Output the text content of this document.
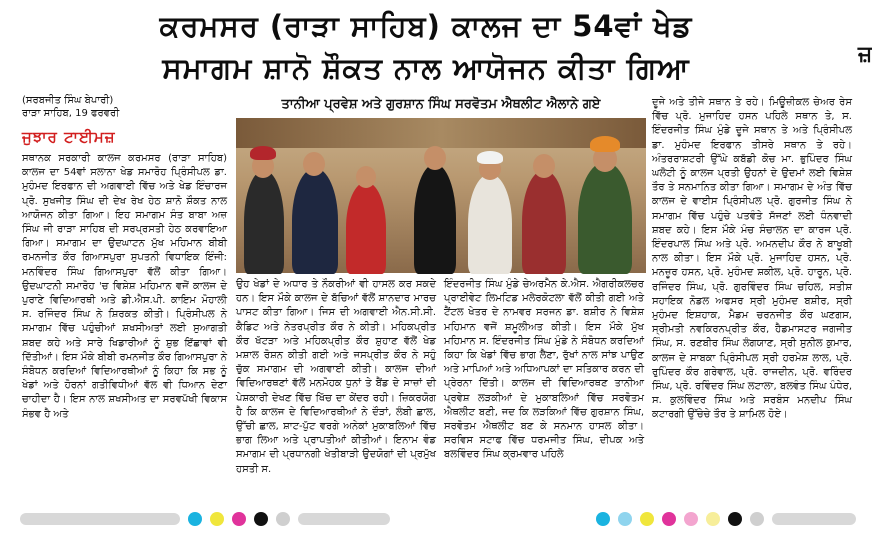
ਕਰਮਸਰ (ਰਾੜਾ ਸਾਹਿਬ) ਕਾਲਜ ਦਾ 54ਵਾਂ ਖੇਡ
ਸਮਾਗਮ ਸ਼ਾਨੋ ਸ਼ੌਕਤ ਨਾਲ ਆਯੋਜਨ ਕੀਤਾ ਗਿਆ	ਜ਼
(ਸਰਬਜੀਤ ਸਿੰਘ ਬੇਪਾਰੀ)
ਰਾੜਾ ਸਾਹਿਬ, 19 ਫਰਵਰੀ
ਜੁਝਾਰ ਟਾਈਮਜ਼
ਤਾਨੀਆ ਪ੍ਰਵੇਸ਼ ਅਤੇ ਗੁਰਸ਼ਾਨ ਸਿੰਘ ਸਰਵੋਤਮ ਐਥਲੀਟ ਐਲਾਨੇ ਗਏ
ਸਥਾਨਕ ਸਰਕਾਰੀ ਕਾਲਜ ਕਰਮਸਰ (ਰਾੜਾ ਸਾਹਿਬ) ਕਾਲਜ ਦਾ 54ਵਾਂ ਸਲਾਨਾ ਖੇਡ ਸਮਾਰੋਹ ਪ੍ਰਿੰਸੀਪਲ ਡਾ. ਮੁਹੰਮਦ ਇਰਫਾਨ ਦੀ ਅਗਵਾਈ ਵਿੱਚ ਅਤੇ ਖੇਡ ਇੰਚਾਰਜ ਪ੍ਰੋ. ਸੁਖਜੀਤ ਸਿੰਘ ਦੀ ਦੇਖ ਰੇਖ ਹੇਠ ਸ਼ਾਨੋ ਸ਼ੌਕਤ ਨਾਲ ਆਯੋਜਨ ਕੀਤਾ ਗਿਆ। ਇਹ ਸਮਾਗਮ ਸੰਤ ਬਾਬਾ ਅਜ਼ ਸਿੰਘ ਜੀ ਰਾੜਾ ਸਾਹਿਬ ਦੀ ਸਰਪ੍ਰਸਤੀ ਹੇਠ ਕਰਵਾਇਆ ਗਿਆ। ਸਮਾਗਮ ਦਾ ਉਦਘਾਟਨ ਮੁੱਖ ਮਹਿਮਾਨ ਬੀਬੀ ਰਮਨਜੀਤ ਕੌਰ ਗਿਆਸਪੁਰਾ ਸੁਪਤਨੀ ਵਿਧਾਇਕ ਇੰਜੀ: ਮਨਵਿੰਦਰ ਸਿੰਘ ਗਿਆਸਪੁਰਾ ਵੱਲੋਂ ਕੀਤਾ ਗਿਆ। ਉਦਘਾਟਨੀ ਸਮਾਰੋਹ 'ਚ ਵਿਸ਼ੇਸ਼ ਮਹਿਮਾਨ ਵਜੋਂ ਕਾਲਜ ਦੇ ਪੁਰਾਣੇ ਵਿਦਿਆਰਥੀ ਅਤੇ ਡੀ.ਐਸ.ਪੀ. ਕਾਇਮ ਮੋਹਾਲੀ ਸ. ਰਜਿੰਦਰ ਸਿੰਘ ਨੇ ਸ਼ਿਰਕਤ ਕੀਤੀ। ਪ੍ਰਿੰਸੀਪਲ ਨੇ ਸਮਾਗਮ ਵਿੱਚ ਪਹੁੰਚੀਆਂ ਸ਼ਖਸੀਅਤਾਂ ਲਈ ਸੁਆਗਤੀ ਸ਼ਬਦ ਕਹੇ ਅਤੇ ਸਾਰੇ ਖਿਡਾਰੀਆਂ ਨੂੰ ਸ਼ੁਭ ਇੱਛਾਵਾਂ ਵੀ ਦਿੱਤੀਆਂ। ਇਸ ਮੌਕੇ ਬੀਬੀ ਰਮਨਜੀਤ ਕੌਰ ਗਿਆਸਪੁਰਾ ਨੇ ਸੰਬੋਧਨ ਕਰਦਿਆਂ ਵਿਦਿਆਰਥੀਆਂ ਨੂੰ ਕਿਹਾ ਕਿ ਸਭ ਨੂੰ ਖੇਡਾਂ ਅਤੇ ਹੋਰਨਾਂ ਗਤੀਵਿਧੀਆਂ ਵੱਲ ਵੀ ਧਿਆਨ ਦੇਣਾ ਚਾਹੀਦਾ ਹੈ। ਇਸ ਨਾਲ ਸ਼ਖਸੀਅਤ ਦਾ ਸਰਵਪੱਖੀ ਵਿਕਾਸ ਸੰਭਵ ਹੈ ਅਤੇ
ਉਹ ਖੇਡਾਂ ਦੇ ਅਧਾਰ ਤੇ ਨੌਕਰੀਆਂ ਵੀ ਹਾਸਲ ਕਰ ਸਕਦੇ ਹਨ। ਇਸ ਮੌਕੇ ਕਾਲਜ ਦੇ ਬੱਚਿਆਂ ਵੱਲੋਂ ਸ਼ਾਨਦਾਰ ਮਾਰਚ ਪਾਸਟ ਕੀਤਾ ਗਿਆ। ਜਿਸ ਦੀ ਅਗਵਾਈ ਐਨ.ਸੀ.ਸੀ. ਕੈਡਿਟ ਅਤੇ ਨੇਤਰਪ੍ਰੀਤ ਕੌਰ ਨੇ ਕੀਤੀ। ਮਹਿਕਪ੍ਰੀਤ ਕੌਰ ਖੱਟੜਾ ਅਤੇ ਮਹਿਕਪ੍ਰੀਤ ਕੌਰ ਸ਼ੁਹਾਣ ਵੱਲੋਂ ਖੇਡ ਮਸ਼ਾਲ ਰੋਸ਼ਨ ਕੀਤੀ ਗਈ ਅਤੇ ਜਸਪ੍ਰੀਤ ਕੌਰ ਨੇ ਸਹੁੰ ਚੁੱਕ ਸਮਾਗਮ ਦੀ ਅਗਵਾਈ ਕੀਤੀ। ਕਾਲਜ ਦੀਆਂ ਵਿਦਿਆਰਥਣਾਂ ਵੱਲੋਂ ਮਨਮੋਹਕ ਧੁਨਾਂ ਤੇ ਬੈਂਡ ਦੇ ਸਾਜ਼ਾਂ ਦੀ ਪੇਸ਼ਕਾਰੀ ਦੇਖਣ ਵਿੱਚ ਖਿੱਚ ਦਾ ਕੇਂਦਰ ਰਹੀ। ਜ਼ਿਕਰਯੋਗ ਹੈ ਕਿ ਕਾਲਜ ਦੇ ਵਿਦਿਆਰਥੀਆਂ ਨੇ ਦੌੜਾਂ, ਲੰਬੀ ਛਾਲ, ਉੱਚੀ ਛਾਲ, ਸ਼ਾਟ-ਪੁੱਟ ਵਰਗੇ ਅਨੇਕਾਂ ਮੁਕਾਬਲਿਆਂ ਵਿੱਚ ਭਾਗ ਲਿਆ ਅਤੇ ਪ੍ਰਾਪਤੀਆਂ ਕੀਤੀਆਂ। ਇਨਾਮ ਵੰਡ ਸਮਾਗਮ ਦੀ ਪ੍ਰਧਾਨਗੀ ਖੇਤੀਬਾੜੀ ਉਦਯੋਗਾਂ ਦੀ ਪ੍ਰਮੁੱਖ ਹਸਤੀ ਸ.
ਇੰਦਰਜੀਤ ਸਿੰਘ ਮੁੰਡੇ ਚੇਅਰਮੈਨ ਕੇ.ਐਸ. ਐਗਰੀਕਲਚਰ ਪ੍ਰਾਈਵੇਟ ਲਿਮਟਿਡ ਮਲੇਰਕੋਟਲਾ ਵੱਲੋਂ ਕੀਤੀ ਗਈ ਅਤੇ ਟੈਂਟਲ ਖੇਤਰ ਦੇ ਨਾਮਵਰ ਸਰਜਨ ਡਾ. ਬਸ਼ੀਰ ਨੇ ਵਿਸ਼ੇਸ਼ ਮਹਿਮਾਨ ਵਜੋਂ ਸ਼ਮੂਲੀਅਤ ਕੀਤੀ। ਇਸ ਮੌਕੇ ਮੁੱਖ ਮਹਿਮਾਨ ਸ. ਇੰਦਰਜੀਤ ਸਿੰਘ ਮੁੰਡੇ ਨੇ ਸੰਬੋਧਨ ਕਰਦਿਆਂ ਕਿਹਾ ਕਿ ਖੇਡਾਂ ਵਿੱਚ ਭਾਗ ਲੈਣਾ, ਰੁੱਖਾਂ ਨਾਲ ਸਾਂਝ ਪਾਉਣ ਅਤੇ ਮਾਪਿਆਂ ਅਤੇ ਅਧਿਆਪਕਾਂ ਦਾ ਸਤਿਕਾਰ ਕਰਨ ਦੀ ਪ੍ਰੇਰਨਾ ਦਿੱਤੀ। ਕਾਲਜ ਦੀ ਵਿਦਿਆਰਥਣ ਤਾਨੀਆ ਪ੍ਰਵੇਸ਼ ਲੜਕੀਆਂ ਦੇ ਮੁਕਾਬਲਿਆਂ ਵਿੱਚ ਸਰਵੋਤਮ ਐਥਲੀਟ ਬਣੀ, ਜਦ ਕਿ ਲੜਕਿਆਂ ਵਿੱਚ ਗੁਰਸ਼ਾਨ ਸਿੰਘ, ਸਰਵੋਤਮ ਐਥਲੀਟ ਬਣ ਕੇ ਸਨਮਾਨ ਹਾਸਲ ਕੀਤਾ। ਸਰਵਿਸ ਸਟਾਫ ਵਿੱਚ ਧਰਮਜੀਤ ਸਿੰਘ, ਦੀਪਕ ਅਤੇ ਬਲਵਿੰਦਰ ਸਿੰਘ ਕ੍ਰਮਵਾਰ ਪਹਿਲੇ
ਦੂਜੇ ਅਤੇ ਤੀਜੇ ਸਥਾਨ ਤੇ ਰਹੇ। ਮਿਊਜ਼ੀਕਲ ਚੇਅਰ ਰੇਸ ਵਿੱਚ ਪ੍ਰੋ. ਮੁਜਾਹਿਦ ਹਸਨ ਪਹਿਲੇ ਸਥਾਨ ਤੇ, ਸ. ਇੰਦਰਜੀਤ ਸਿੰਘ ਮੁੰਡੇ ਦੂਜੇ ਸਥਾਨ ਤੇ ਅਤੇ ਪ੍ਰਿੰਸੀਪਲ ਡਾ. ਮੁਹੰਮਦ ਇਰਫਾਨ ਤੀਸਰੇ ਸਥਾਨ ਤੇ ਰਹੇ। ਅੰਤਰਰਾਸ਼ਟਰੀ ਉੱਘੇ ਕਬੱਡੀ ਕੋਚ ਮਾ. ਭੁਪਿੰਦਰ ਸਿੰਘ ਘਲੋਟੀ ਨੂੰ ਕਾਲਜ ਪ੍ਰਤੀ ਉਹਨਾਂ ਦੇ ਉਦਮਾਂ ਲਈ ਵਿਸ਼ੇਸ਼ ਤੌਰ ਤੇ ਸਨਮਾਨਿਤ ਕੀਤਾ ਗਿਆ। ਸਮਾਗਮ ਦੇ ਅੰਤ ਵਿੱਚ ਕਾਲਜ ਦੇ ਵਾਈਸ ਪ੍ਰਿੰਸੀਪਲ ਪ੍ਰੋ. ਗੁਰਜੀਤ ਸਿੰਘ ਨੇ ਸਮਾਗਮ ਵਿੱਚ ਪਹੁੰਚੇ ਪਤਵੰਤੇ ਸੱਜਣਾਂ ਲਈ ਧੰਨਵਾਦੀ ਸ਼ਬਦ ਕਹੇ। ਇਸ ਮੌਕੇ ਮੰਚ ਸੰਚਾਲਨ ਦਾ ਕਾਰਜ ਪ੍ਰੋ. ਇੰਦਰਪਾਲ ਸਿੰਘ ਅਤੇ ਪ੍ਰੋ. ਅਮਨਦੀਪ ਕੌਰ ਨੇ ਬਾਖੂਬੀ ਨਾਲ ਕੀਤਾ। ਇਸ ਮੌਕੇ ਪ੍ਰੋ. ਮੁਜਾਹਿਦ ਹਸਨ, ਪ੍ਰੋ. ਮਨਜ਼ੂਰ ਹਸਨ, ਪ੍ਰੋ. ਮੁਹੰਮਦ ਸ਼ਕੀਲ, ਪ੍ਰੋ. ਹਾਰੂਨ, ਪ੍ਰੋ. ਰਜਿੰਦਰ ਸਿੰਘ, ਪ੍ਰੋ. ਗੁਰਵਿੰਦਰ ਸਿੰਘ ਚਹਿਲ, ਸਤੀਸ਼ ਸਹਾਇਕ ਨੋਡਲ ਅਫਸਰ ਸ੍ਰੀ ਮੁਹੰਮਦ ਬਸ਼ੀਰ, ਸ੍ਰੀ ਮੁਹੰਮਦ ਇਸ਼ਹਾਕ, ਮੈਡਮ ਚਰਨਜੀਤ ਕੌਰ ਘਣਗਸ, ਸ੍ਰੀਮਤੀ ਨਵਕਿਰਨਪ੍ਰੀਤ ਕੌਰ, ਹੈਡਮਾਸਟਰ ਜਗਜੀਤ ਸਿੰਘ, ਸ. ਰਣਬੀਰ ਸਿੰਘ ਲੰਗਯਾਣ, ਸ੍ਰੀ ਸੁਨੀਲ ਕੁਮਾਰ, ਕਾਲਜ ਦੇ ਸਾਬਕਾ ਪ੍ਰਿੰਸੀਪਲ ਸ੍ਰੀ ਹਰਮੇਸ਼ ਲਾਲ, ਪ੍ਰੋ. ਰੁਪਿੰਦਰ ਕੌਰ ਗਰੇਵਾਲ, ਪ੍ਰੋ. ਰਾਜਦੀਨ, ਪ੍ਰੋ. ਵਰਿੰਦਰ ਸਿੰਘ, ਪ੍ਰੋ. ਰਵਿੰਦਰ ਸਿੰਘ ਲਟਾਲਾ, ਬਲਵੰਤ ਸਿੰਘ ਪੰਧੇਰ, ਸ. ਕੁਲਵਿੰਦਰ ਸਿੰਘ ਅਤੇ ਸਰਬੰਸ ਮਨਦੀਪ ਸਿੰਘ ਕਟਾਰਗੀ ਉੱਚੇਚੇ ਤੌਰ ਤੇ ਸ਼ਾਮਿਲ ਹੋਏ।
